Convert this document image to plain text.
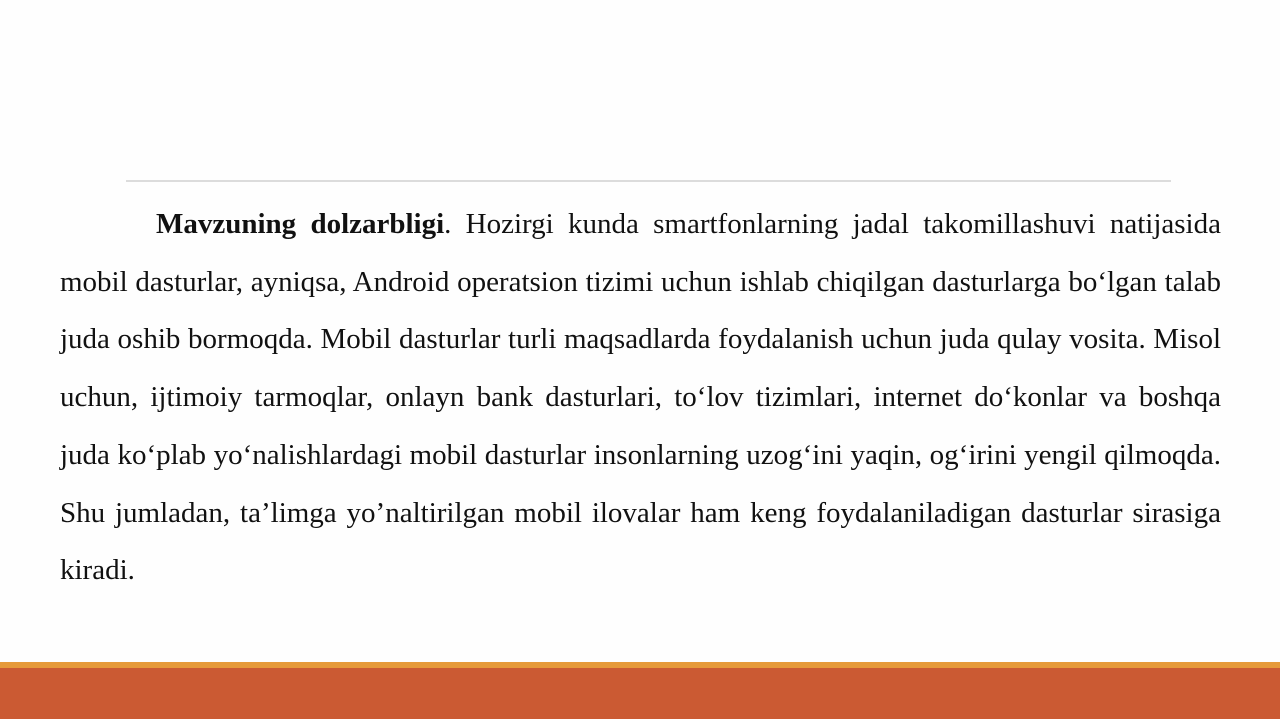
Mavzuning dolzarbligi. Hozirgi kunda smartfonlarning jadal takomillashuvi natijasida mobil dasturlar, ayniqsa, Android operatsion tizimi uchun ishlab chiqilgan dasturlarga bo‘lgan talab juda oshib bormoqda. Mobil dasturlar turli maqsadlarda foydalanish uchun juda qulay vosita. Misol uchun, ijtimoiy tarmoqlar, onlayn bank dasturlari, to‘lov tizimlari, internet do‘konlar va boshqa juda ko‘plab yo‘nalishlardagi mobil dasturlar insonlarning uzog‘ini yaqin, og‘irini yengil qilmoqda. Shu jumladan, ta’limga yo’naltirilgan mobil ilovalar ham keng foydalaniladigan dasturlar sirasiga kiradi.
